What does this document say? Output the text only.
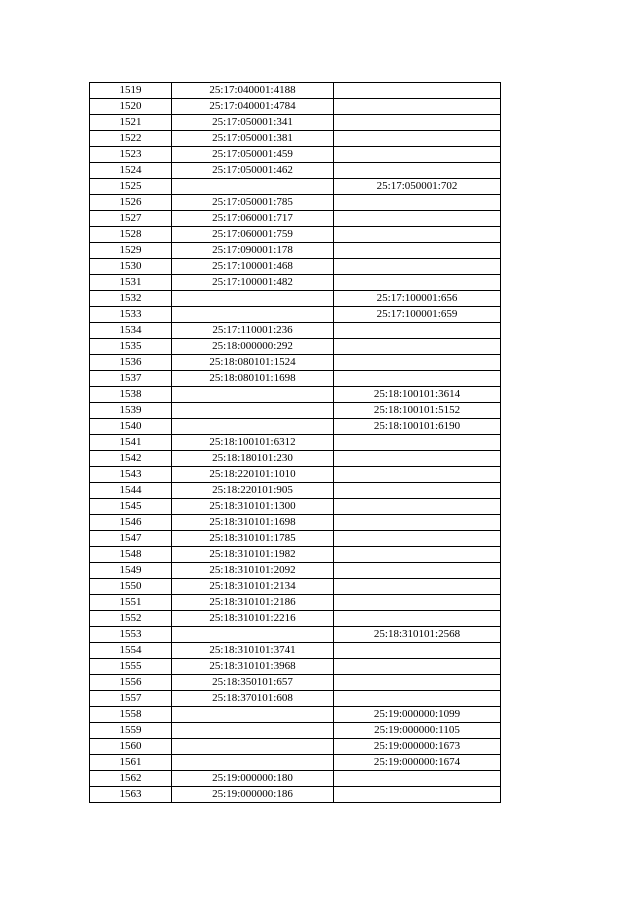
1519	25:17:040001:4188	
1520	25:17:040001:4784	
1521	25:17:050001:341	
1522	25:17:050001:381	
1523	25:17:050001:459	
1524	25:17:050001:462	
1525		25:17:050001:702
1526	25:17:050001:785	
1527	25:17:060001:717	
1528	25:17:060001:759	
1529	25:17:090001:178	
1530	25:17:100001:468	
1531	25:17:100001:482	
1532		25:17:100001:656
1533		25:17:100001:659
1534	25:17:110001:236	
1535	25:18:000000:292	
1536	25:18:080101:1524	
1537	25:18:080101:1698	
1538		25:18:100101:3614
1539		25:18:100101:5152
1540		25:18:100101:6190
1541	25:18:100101:6312	
1542	25:18:180101:230	
1543	25:18:220101:1010	
1544	25:18:220101:905	
1545	25:18:310101:1300	
1546	25:18:310101:1698	
1547	25:18:310101:1785	
1548	25:18:310101:1982	
1549	25:18:310101:2092	
1550	25:18:310101:2134	
1551	25:18:310101:2186	
1552	25:18:310101:2216	
1553		25:18:310101:2568
1554	25:18:310101:3741	
1555	25:18:310101:3968	
1556	25:18:350101:657	
1557	25:18:370101:608	
1558		25:19:000000:1099
1559		25:19:000000:1105
1560		25:19:000000:1673
1561		25:19:000000:1674
1562	25:19:000000:180	
1563	25:19:000000:186	
